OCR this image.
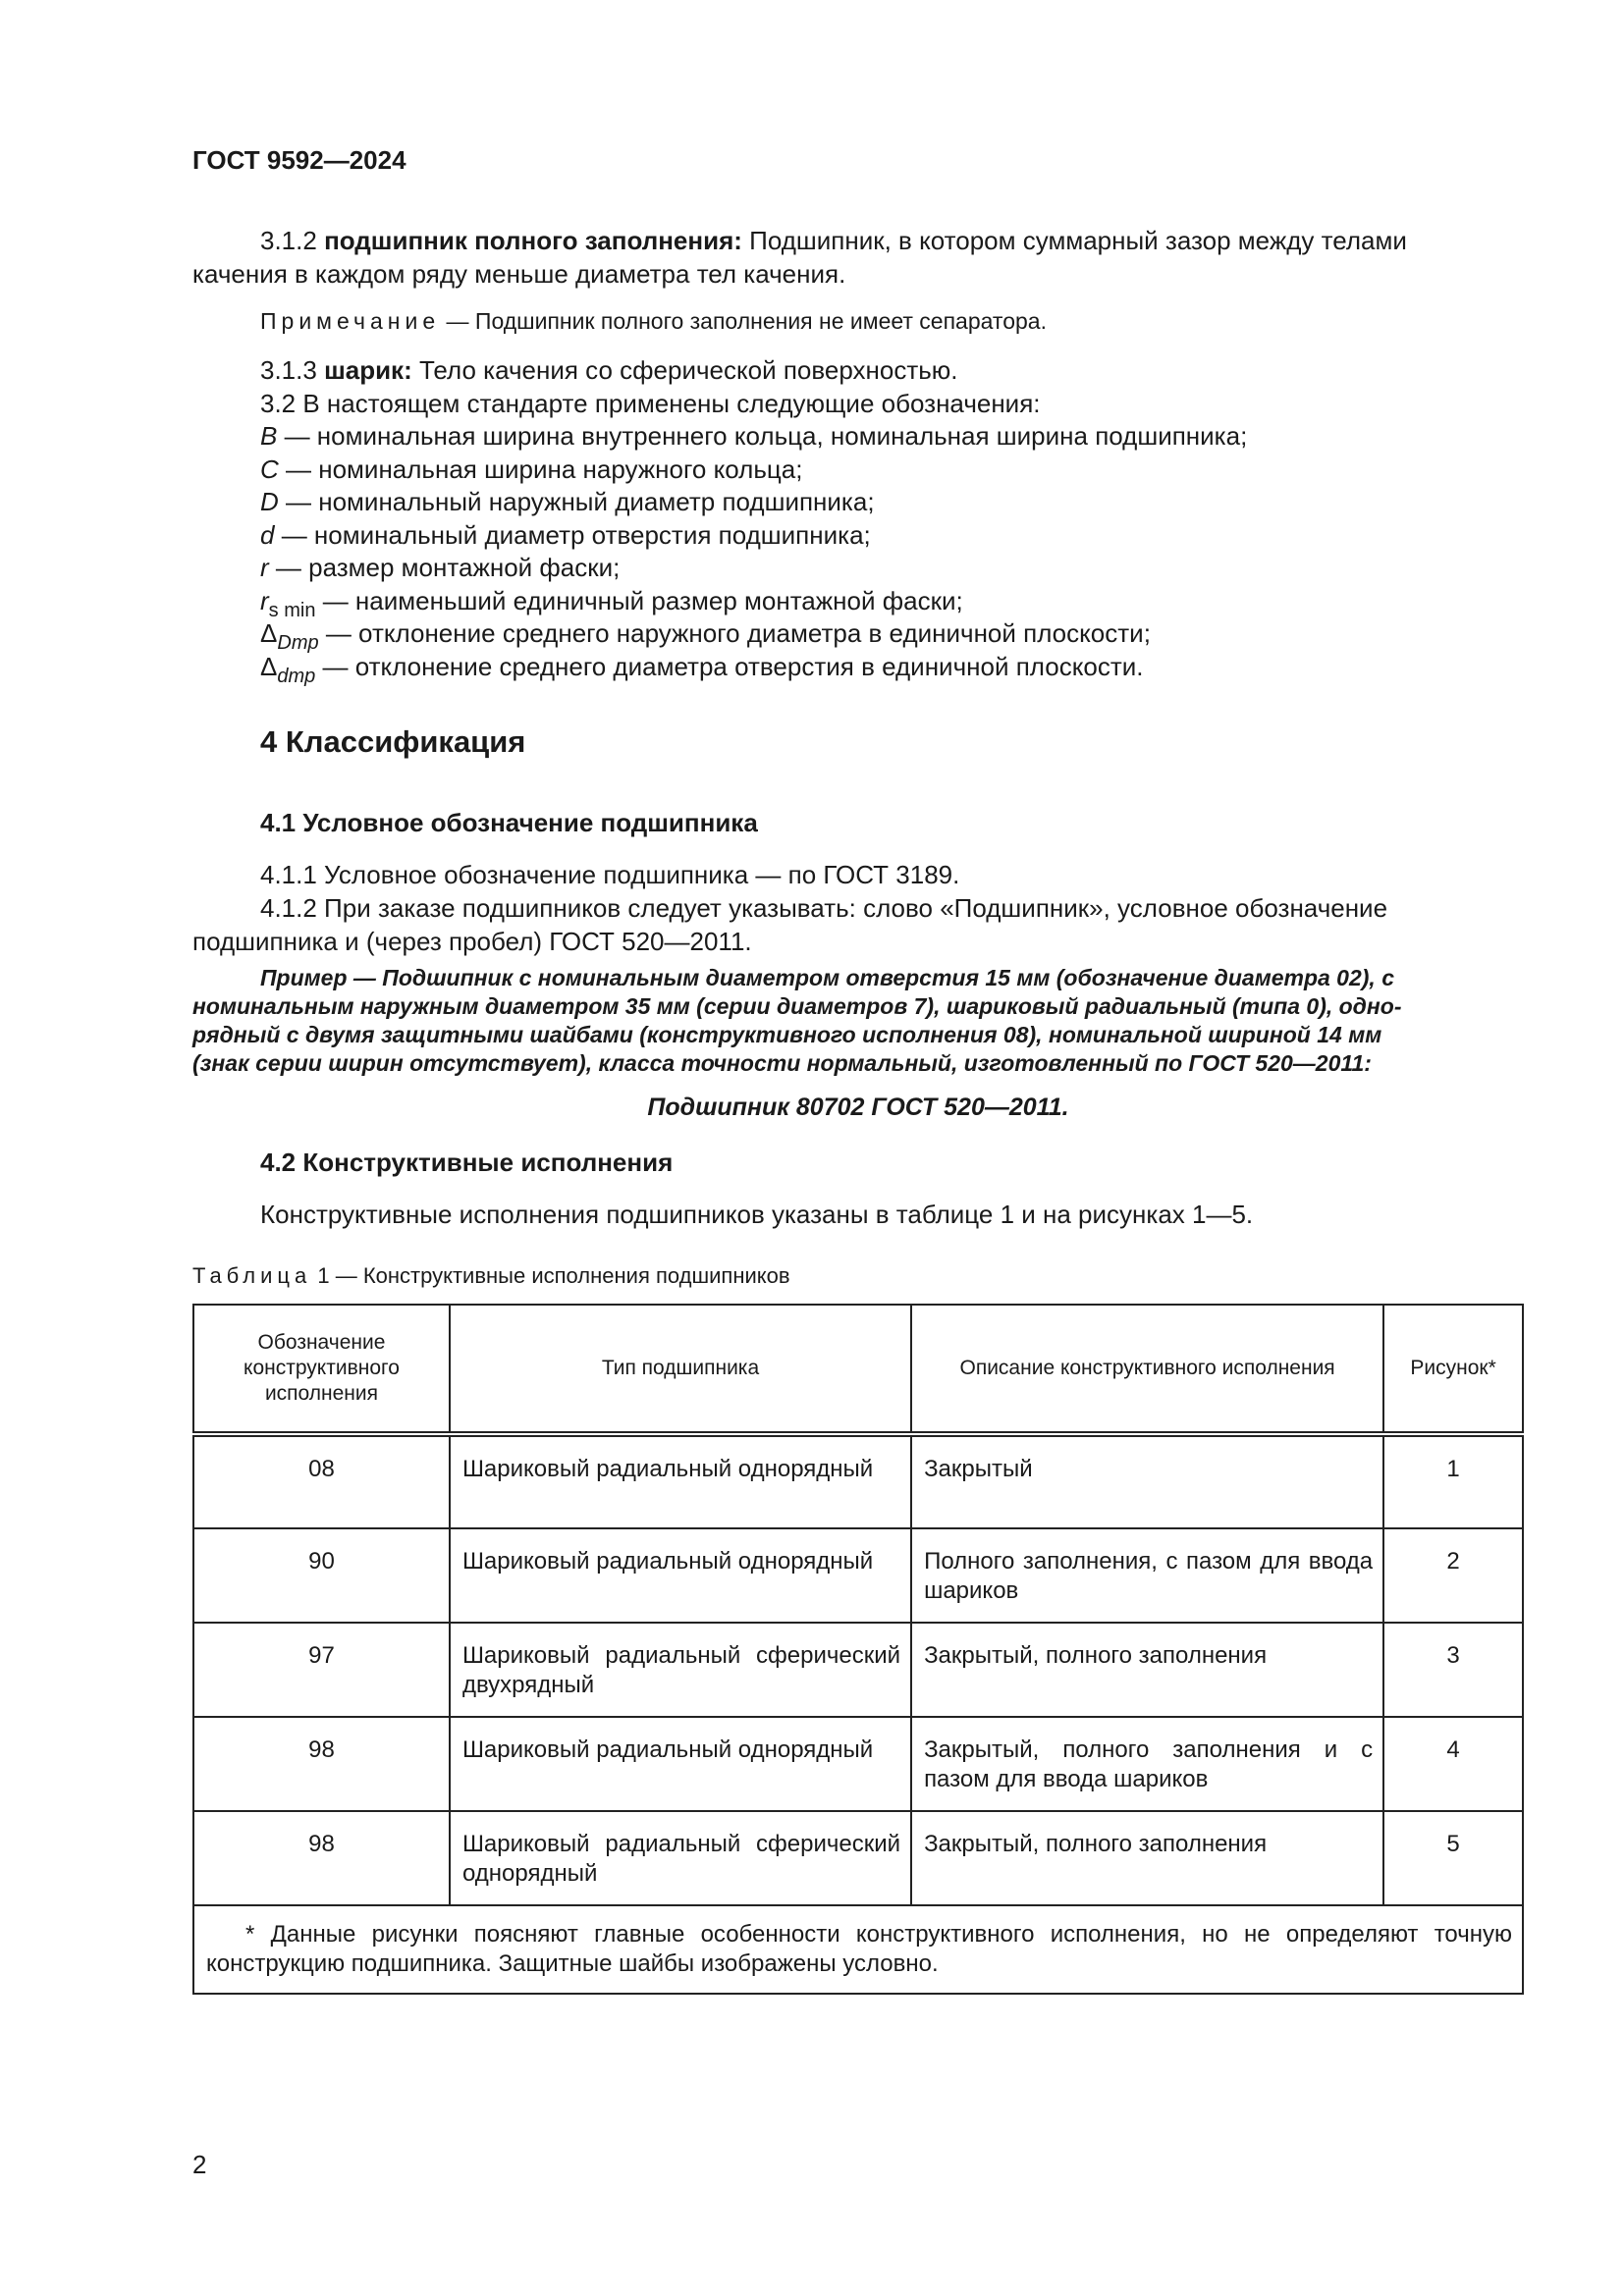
ГОСТ 9592—2024
3.1.2 подшипник полного заполнения: Подшипник, в котором суммарный зазор между телами
качения в каждом ряду меньше диаметра тел качения.
Примечание — Подшипник полного заполнения не имеет сепаратора.
3.1.3 шарик: Тело качения со сферической поверхностью.
3.2 В настоящем стандарте применены следующие обозначения:
B — номинальная ширина внутреннего кольца, номинальная ширина подшипника;
C — номинальная ширина наружного кольца;
D — номинальный наружный диаметр подшипника;
d — номинальный диаметр отверстия подшипника;
r — размер монтажной фаски;
$r_{s min}$ — наименьший единичный размер монтажной фаски;
$\Delta_{Dmp}$ — отклонение среднего наружного диаметра в единичной плоскости;
$\Delta_{dmp}$ — отклонение среднего диаметра отверстия в единичной плоскости.
4 Классификация
4.1 Условное обозначение подшипника
4.1.1 Условное обозначение подшипника — по ГОСТ 3189.
4.1.2 При заказе подшипников следует указывать: слово «Подшипник», условное обозначение
подшипника и (через пробел) ГОСТ 520—2011.
Пример — Подшипник с номинальным диаметром отверстия 15 мм (обозначение диаметра 02), с
номинальным наружным диаметром 35 мм (серии диаметров 7), шариковый радиальный (типа 0), одно-
рядный с двумя защитными шайбами (конструктивного исполнения 08), номинальной шириной 14 мм
(знак серии ширин отсутствует), класса точности нормальный, изготовленный по ГОСТ 520—2011:
Подшипник 80702 ГОСТ 520—2011.
4.2 Конструктивные исполнения
Конструктивные исполнения подшипников указаны в таблице 1 и на рисунках 1—5.
Таблица 1 — Конструктивные исполнения подшипников
Обозначение конструктивного исполнения	Тип подшипника	Описание конструктивного исполнения	Рисунок*
08	Шариковый радиальный однорядный	Закрытый	1
90	Шариковый радиальный однорядный	Полного заполнения, с пазом для ввода шариков	2
97	Шариковый радиальный сферический двухрядный	Закрытый, полного заполнения	3
98	Шариковый радиальный однорядный	Закрытый, полного заполнения и с пазом для ввода шариков	4
98	Шариковый радиальный сферический однорядный	Закрытый, полного заполнения	5
* Данные рисунки поясняют главные особенности конструктивного исполнения, но не определяют точную конструкцию подшипника. Защитные шайбы изображены условно.			
2
